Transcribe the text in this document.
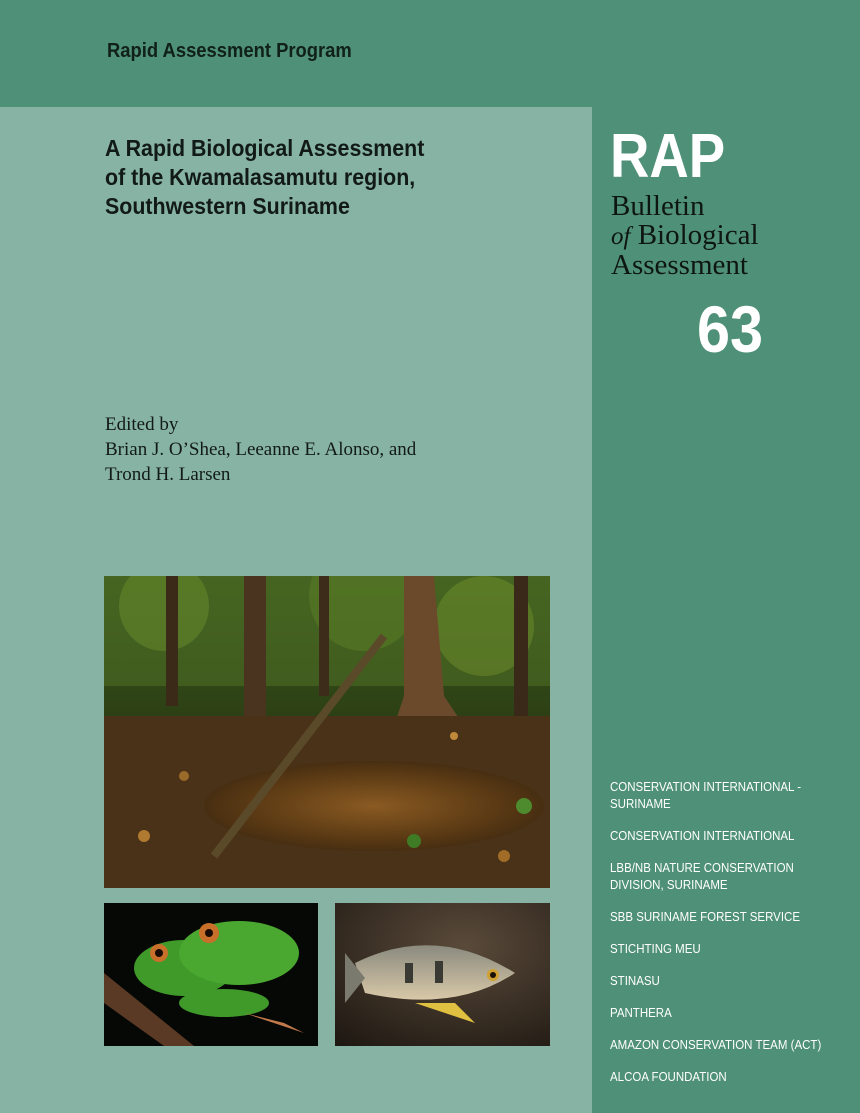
Rapid Assessment Program
A Rapid Biological Assessment
of the Kwamalasamutu region,
Southwestern Suriname
Edited by
Brian J. O’Shea, Leeanne E. Alonso, and
Trond H. Larsen
RAP
Bulletin
of Biological
Assessment
63
CONSERVATION INTERNATIONAL -
SURINAME
CONSERVATION INTERNATIONAL
LBB/NB NATURE CONSERVATION
DIVISION, SURINAME
SBB SURINAME FOREST SERVICE
STICHTING MEU
STINASU
PANTHERA
AMAZON CONSERVATION TEAM (ACT)
ALCOA FOUNDATION
